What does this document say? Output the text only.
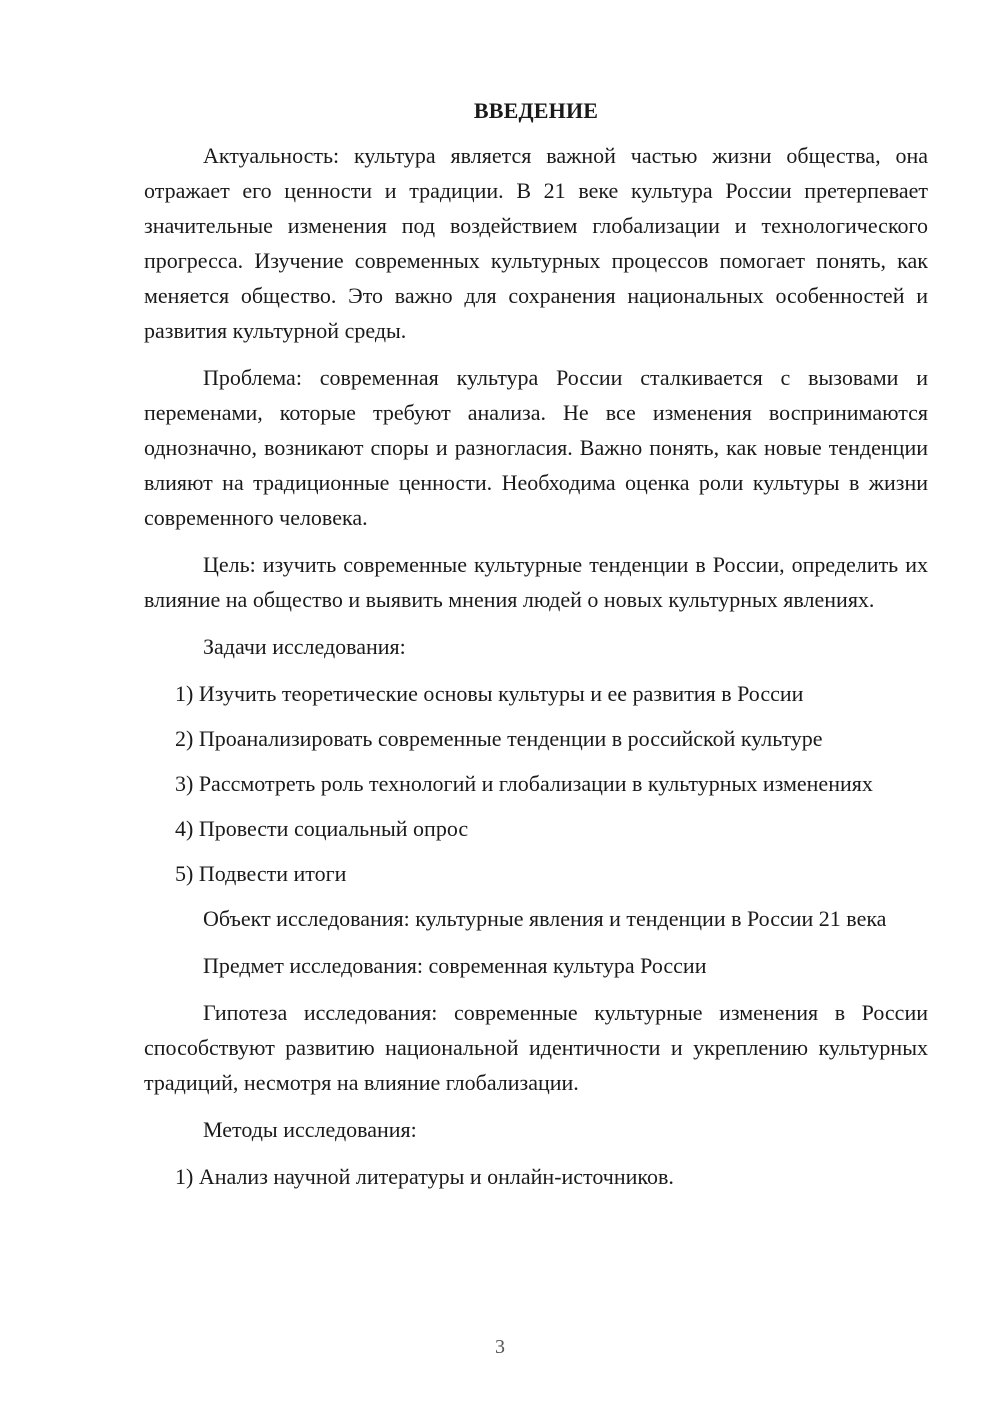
ВВЕДЕНИЕ

Актуальность: культура является важной частью жизни общества, она отражает его ценности и традиции. В 21 веке культура России претерпевает значительные изменения под воздействием глобализации и технологического прогресса. Изучение современных культурных процессов помогает понять, как меняется общество. Это важно для сохранения национальных особенностей и развития культурной среды.

Проблема: современная культура России сталкивается с вызовами и переменами, которые требуют анализа. Не все изменения воспринимаются однозначно, возникают споры и разногласия. Важно понять, как новые тенденции влияют на традиционные ценности. Необходима оценка роли культуры в жизни современного человека.

Цель: изучить современные культурные тенденции в России, определить их влияние на общество и выявить мнения людей о новых культурных явлениях.

Задачи исследования:

1) Изучить теоретические основы культуры и ее развития в России

2) Проанализировать современные тенденции в российской культуре

3) Рассмотреть роль технологий и глобализации в культурных изменениях

4) Провести социальный опрос

5) Подвести итоги

Объект исследования: культурные явления и тенденции в России 21 века

Предмет исследования: современная культура России

Гипотеза исследования: современные культурные изменения в России способствуют развитию национальной идентичности и укреплению культурных традиций, несмотря на влияние глобализации.

Методы исследования:

1) Анализ научной литературы и онлайн-источников.

3
